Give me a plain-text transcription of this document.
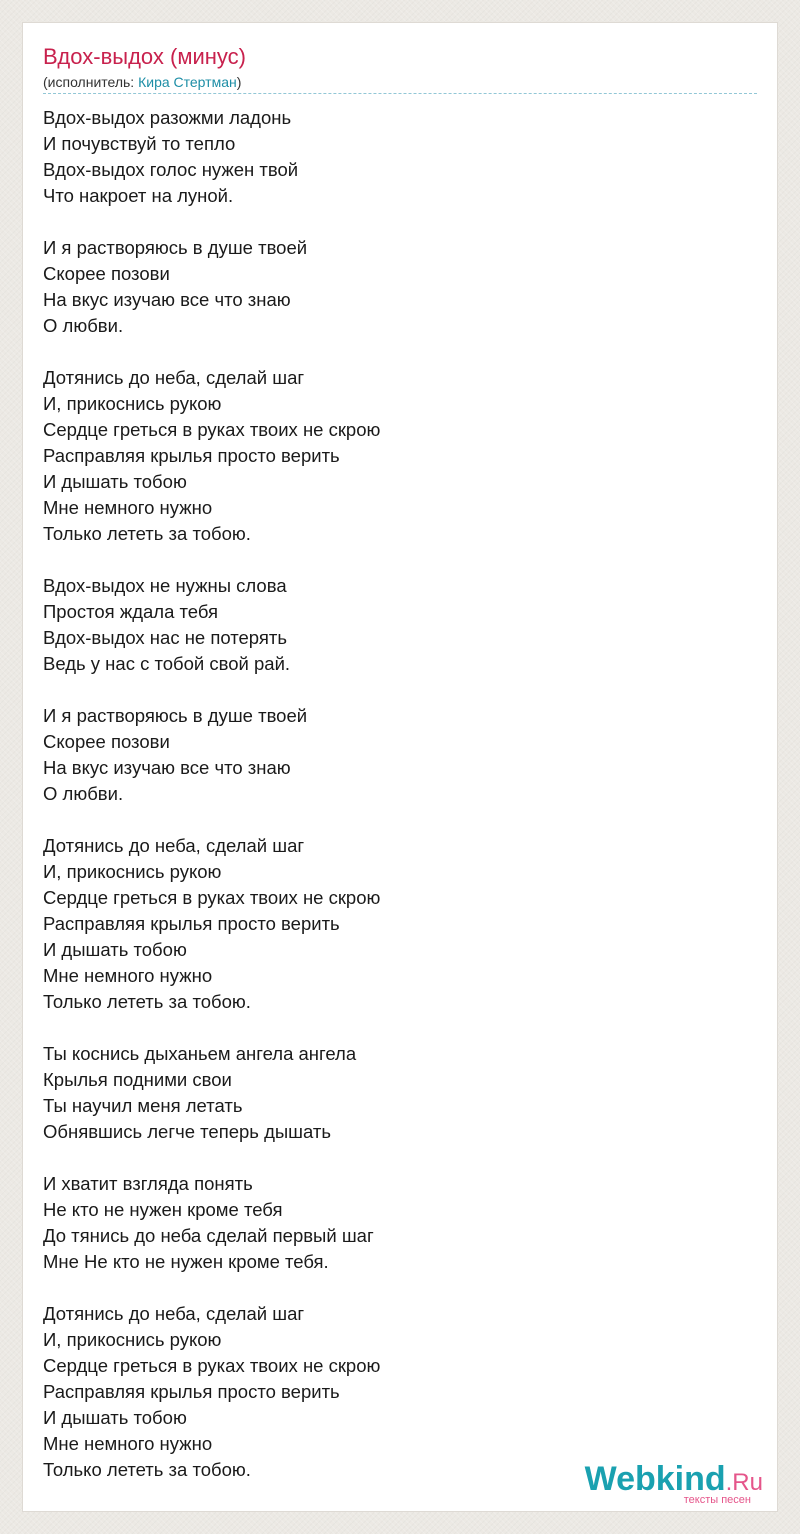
Вдох-выдох (минус)
(исполнитель: Кира Стертман)
Вдох-выдох разожми ладонь
И почувствуй то тепло
Вдох-выдох голос нужен твой
Что накроет на луной.
И я растворяюсь в душе твоей
Скорее позови
На вкус изучаю все что знаю
О любви.
Дотянись до неба, сделай шаг
И, прикоснись рукою
Сердце греться в руках твоих не скрою
Расправляя крылья просто верить
И дышать тобою
Мне немного нужно
Только лететь за тобою.
Вдох-выдох не нужны слова
Простоя ждала тебя
Вдох-выдох нас не потерять
Ведь у нас с тобой свой рай.
И я растворяюсь в душе твоей
Скорее позови
На вкус изучаю все что знаю
О любви.
Дотянись до неба, сделай шаг
И, прикоснись рукою
Сердце греться в руках твоих не скрою
Расправляя крылья просто верить
И дышать тобою
Мне немного нужно
Только лететь за тобою.
Ты коснись дыханьем ангела ангела
Крылья подними свои
Ты научил меня летать
Обнявшись легче теперь дышать
И хватит взгляда понять
Не кто не нужен кроме тебя
До тянись до неба сделай первый шаг
Мне Не кто не нужен кроме тебя.
Дотянись до неба, сделай шаг
И, прикоснись рукою
Сердце греться в руках твоих не скрою
Расправляя крылья просто верить
И дышать тобою
Мне немного нужно
Только лететь за тобою.	Webkind.Ru
тексты песен
